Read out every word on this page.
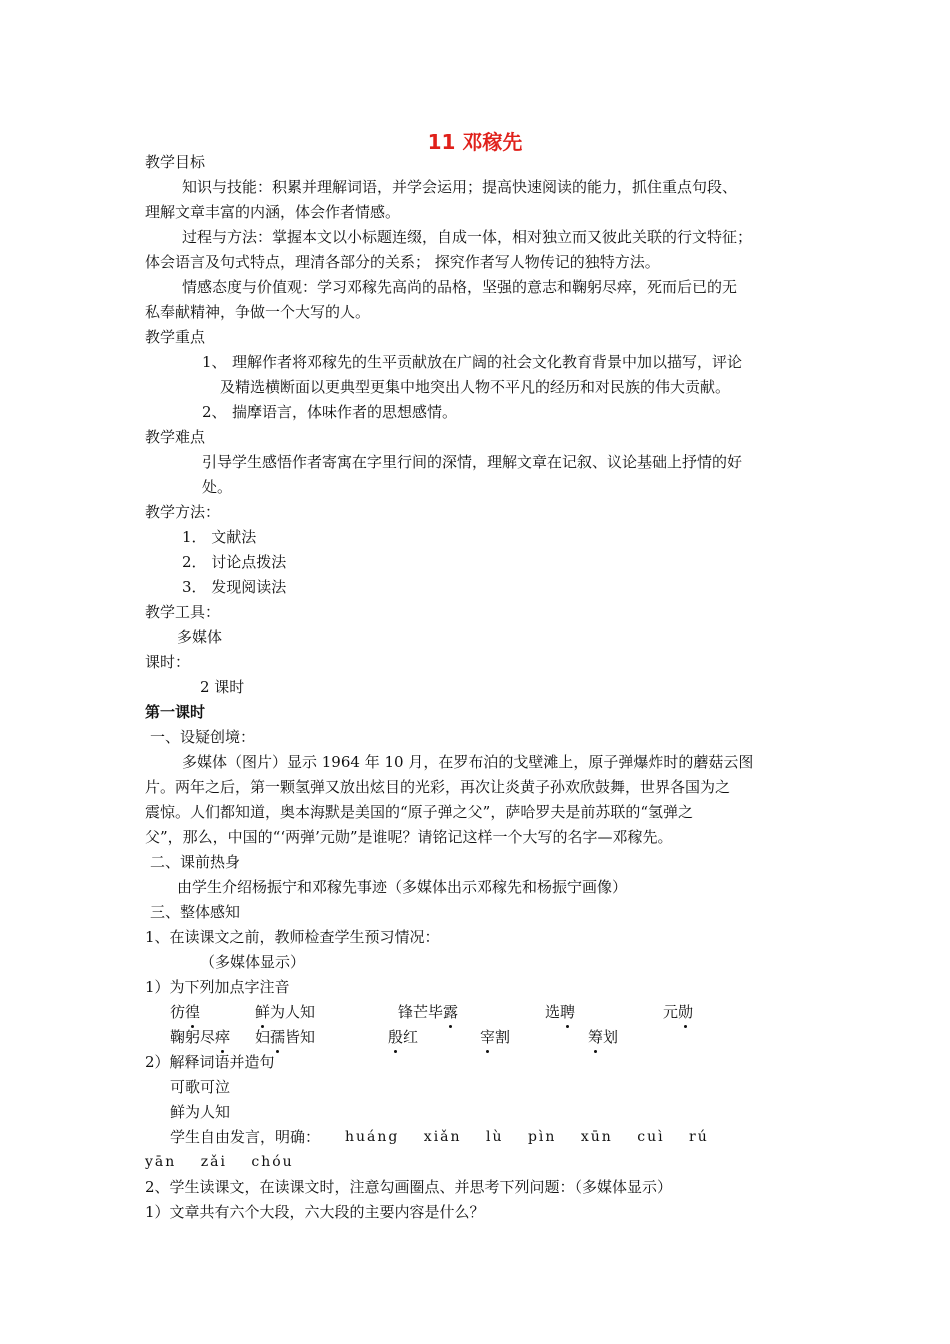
11 邓稼先
教学目标
知识与技能：积累并理解词语，并学会运用；提高快速阅读的能力，抓住重点句段、
理解文章丰富的内涵，体会作者情感。
过程与方法：掌握本文以小标题连缀，自成一体，相对独立而又彼此关联的行文特征；
体会语言及句式特点，理清各部分的关系； 探究作者写人物传记的独特方法。
情感态度与价值观：学习邓稼先高尚的品格，坚强的意志和鞠躬尽瘁，死而后已的无
私奉献精神，争做一个大写的人。
教学重点
1、 理解作者将邓稼先的生平贡献放在广阔的社会文化教育背景中加以描写，评论
及精选横断面以更典型更集中地突出人物不平凡的经历和对民族的伟大贡献。
2、 揣摩语言，体味作者的思想感情。
教学难点
引导学生感悟作者寄寓在字里行间的深情，理解文章在记叙、议论基础上抒情的好
处。
教学方法：
1． 文献法
2． 讨论点拨法
3． 发现阅读法
教学工具：
多媒体
课时：
2 课时
第一课时
一、设疑创境：
多媒体（图片）显示 1964 年 10 月，在罗布泊的戈壁滩上，原子弹爆炸时的蘑菇云图
片。两年之后，第一颗氢弹又放出炫目的光彩，再次让炎黄子孙欢欣鼓舞，世界各国为之
震惊。人们都知道，奥本海默是美国的“原子弹之父”，萨哈罗夫是前苏联的“氢弹之
父”，那么，中国的“‘两弹’元勋”是谁呢？请铭记这样一个大写的名字—邓稼先。
二、课前热身
由学生介绍杨振宁和邓稼先事迹（多媒体出示邓稼先和杨振宁画像）
三、整体感知
1、在读课文之前，教师检查学生预习情况：
（多媒体显示）
1）为下列加点字注音
彷徨	鲜为人知	锋芒毕露	选聘	元勋
鞠躬尽瘁 妇孺皆知	殷红	宰割	筹划
2）解释词语并造句
可歌可泣
鲜为人知
学生自由发言，明确： huáng xiǎn lù pìn xūn cuì rú
yān zǎi chóu
2、学生读课文，在读课文时，注意勾画圈点、并思考下列问题：（多媒体显示）
1）文章共有六个大段，六大段的主要内容是什么？
